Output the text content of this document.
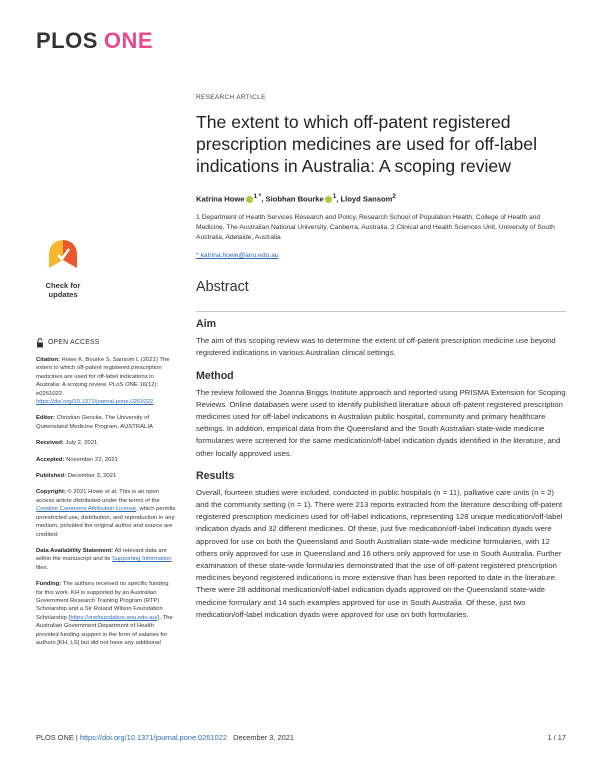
PLOS ONE
Check for
updates
OPEN ACCESS
Citation: Howe K, Bourke S, Sansom L (2021) The extent to which off-patent registered prescription medicines are used for off-label indications in Australia: A scoping review. PLoS ONE 16(12): e0261022. https://doi.org/10.1371/journal.pone.0261022
Editor: Christian Gericke, The University of Queensland Medicine Program, AUSTRALIA
Received: July 2, 2021
Accepted: November 22, 2021
Published: December 3, 2021
Copyright: © 2021 Howe et al. This is an open access article distributed under the terms of the Creative Commons Attribution License, which permits unrestricted use, distribution, and reproduction in any medium, provided the original author and source are credited.
Data Availability Statement: All relevant data are within the manuscript and its Supporting Information files.
Funding: The authors received no specific funding for this work. KH is supported by an Australian Government Research Training Program (RTP) Scholarship and a Sir Roland Wilson Foundation Scholarship (https://srwfoundation.anu.edu.au/). The Australian Government Department of Health provided funding support in the form of salaries for authors [KH, LS] but did not have any additional
RESEARCH ARTICLE
The extent to which off-patent registered prescription medicines are used for off-label indications in Australia: A scoping review
Katrina Howe $^{1 *}$, Siobhan Bourke $^1$, Lloyd Sansom$^2$
1 Department of Health Services Research and Policy, Research School of Population Health, College of Health and Medicine, The Australian National University, Canberra, Australia, 2 Clinical and Health Sciences Unit, University of South Australia, Adelaide, Australia
* katrina.howe@anu.edu.au
Abstract
Aim

The aim of this scoping review was to determine the extent of off-patent prescription medicine use beyond registered indications in various Australian clinical settings.

Method

The review followed the Joanna Briggs Institute approach and reported using PRISMA Extension for Scoping Reviews. Online databases were used to identify published literature about off-patent registered prescription medicines used for off-label indications in Australian public hospital, community and primary healthcare settings. In addition, empirical data from the Queensland and the South Australian state-wide medicine formularies were screened for the same medication/off-label indication dyads identified in the literature, and other locally approved uses.

Results

Overall, fourteen studies were included, conducted in public hospitals (n = 11), palliative care units (n = 2) and the community setting (n = 1). There were 213 reports extracted from the literature describing off-patent registered prescription medicines used for off-label indications, representing 128 unique medication/off-label indication dyads and 32 different medicines. Of these, just five medication/off-label indication dyads were approved for use on both the Queensland and South Australian state-wide medicine formularies, with 12 others only approved for use in Queensland and 16 others only approved for use in South Australia. Further examination of these state-wide formularies demonstrated that the use of off-patent registered prescription medicines beyond registered indications is more extensive than has been reported to date in the literature. There were 28 additional medication/off-label indication dyads approved on the Queensland state-wide medicine formulary and 14 such examples approved for use in South Australia. Of these, just two medication/off-label indication dyads were approved for use on both formularies.

PLOS ONE | https://doi.org/10.1371/journal.pone.0261022 December 3, 2021	1 / 17
